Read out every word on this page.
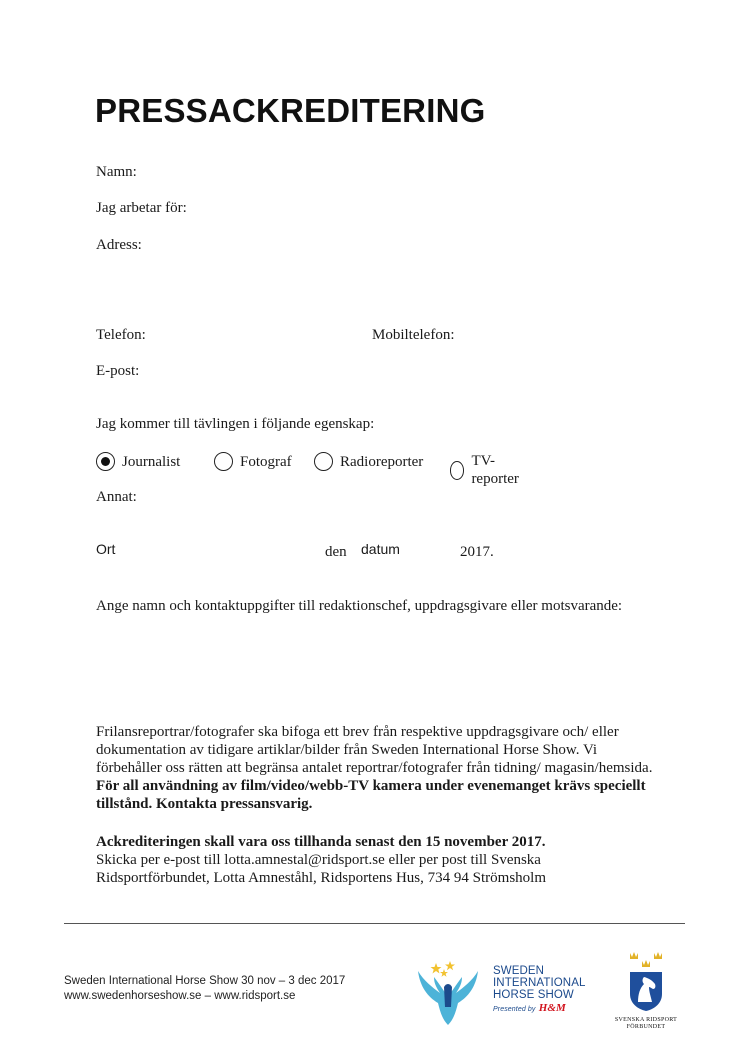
PRESSACKREDITERING
Namn:
Jag arbetar för:
Adress:
Telefon:	Mobiltelefon:
E-post:
Jag kommer till tävlingen i följande egenskap:
Journalist	Fotograf	Radioreporter	TV-reporter
Annat:
Ort	den datum	2017.
Ange namn och kontaktuppgifter till redaktionschef, uppdragsgivare eller motsvarande:
Frilansreportrar/fotografer ska bifoga ett brev från respektive uppdragsgivare och/ eller dokumentation av tidigare artiklar/bilder från Sweden International Horse Show. Vi förbehåller oss rätten att begränsa antalet reportrar/fotografer från tidning/ magasin/hemsida. För all användning av film/video/webb-TV kamera under evenemanget krävs speciellt tillstånd. Kontakta pressansvarig.
Ackrediteringen skall vara oss tillhanda senast den 15 november 2017.
Skicka per e-post till lotta.amnestal@ridsport.se eller per post till Svenska Ridsportförbundet, Lotta Amneståhl, Ridsportens Hus, 734 94 Strömsholm
Sweden International Horse Show 30 nov – 3 dec 2017
www.swedenhorseshow.se – www.ridsport.se
SWEDEN
INTERNATIONAL
HORSE SHOW
Presented by H&M
SVENSKA RIDSPORT
FÖRBUNDET
